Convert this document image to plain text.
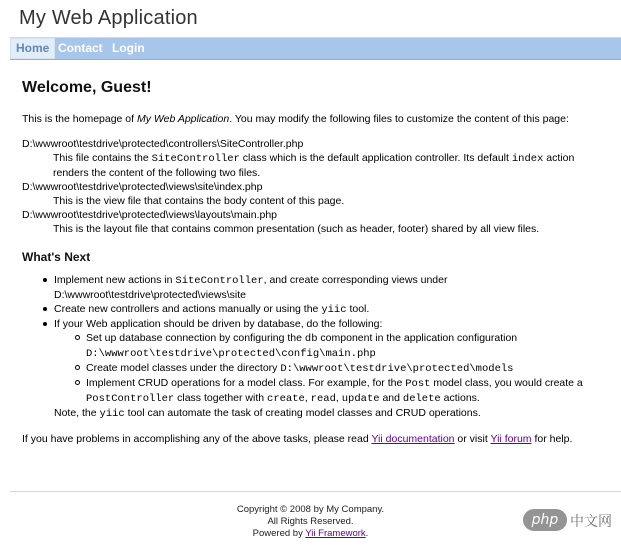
My Web Application
Home Contact Login
Welcome, Guest!

This is the homepage of My Web Application. You may modify the following files to customize the content of this page:

D:\wwwroot\testdrive\protected\controllers\SiteController.php
This file contains the SiteController class which is the default application controller. Its default index action renders the content of the following two files.
D:\wwwroot\testdrive\protected\views\site\index.php
This is the view file that contains the body content of this page.
D:\wwwroot\testdrive\protected\views\layouts\main.php
This is the layout file that contains common presentation (such as header, footer) shared by all view files.
What's Next
Implement new actions in SiteController, and create corresponding views under D:\wwwroot\testdrive\protected\views\site
Create new controllers and actions manually or using the yiic tool.
If your Web application should be driven by database, do the following:
Set up database connection by configuring the db component in the application configuration D:\wwwroot\testdrive\protected\config\main.php
Create model classes under the directory D:\wwwroot\testdrive\protected\models
Implement CRUD operations for a model class. For example, for the Post model class, you would create a PostController class together with create, read, update and delete actions.
Note, the yiic tool can automate the task of creating model classes and CRUD operations.

If you have problems in accomplishing any of the above tasks, please read Yii documentation or visit Yii forum for help.

Copyright © 2008 by My Company.
All Rights Reserved.
Powered by Yii Framework.
php 中文网
